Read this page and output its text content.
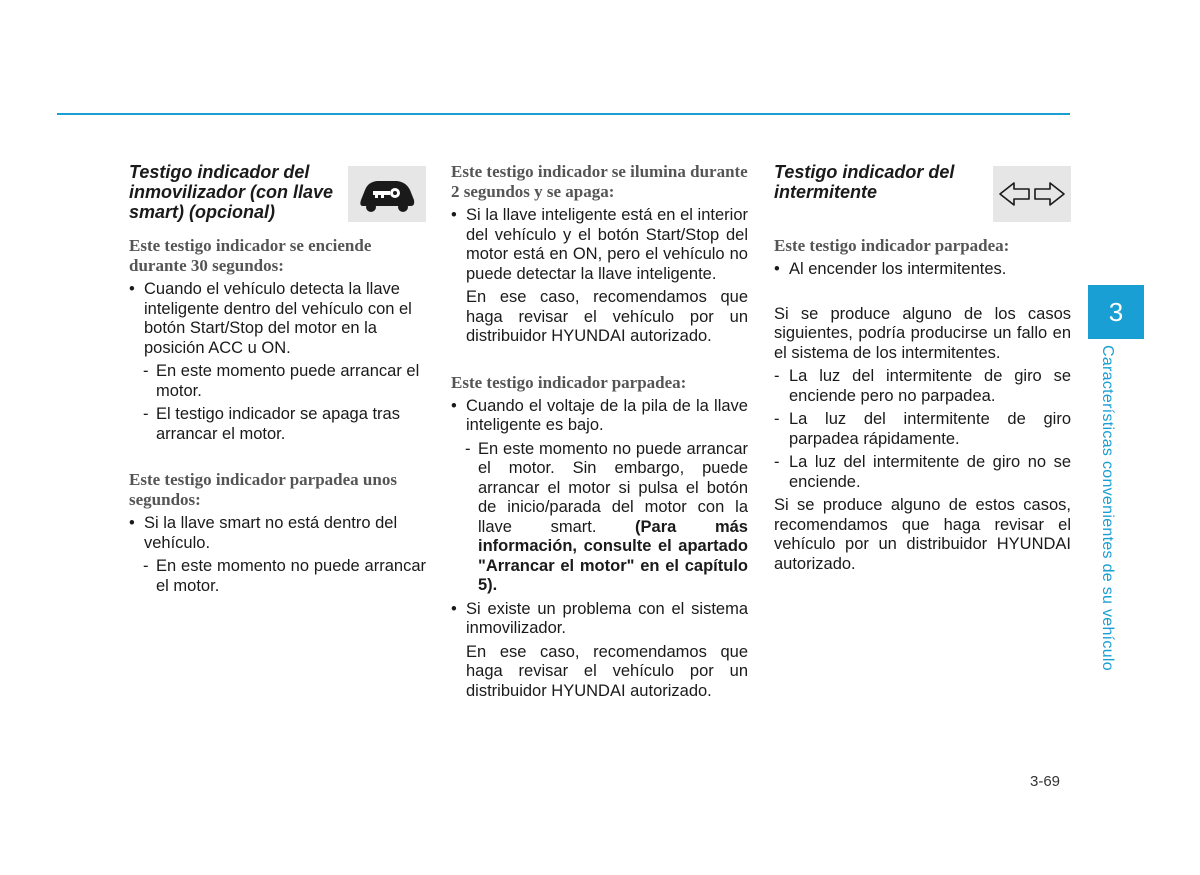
Testigo indicador del inmovilizador (con llave smart) (opcional)
Este testigo indicador se enciende durante 30 segundos:
• Cuando el vehículo detecta la llave inteligente dentro del vehículo con el botón Start/Stop del motor en la posición ACC u ON.
- En este momento puede arrancar el motor.
- El testigo indicador se apaga tras arrancar el motor.
Este testigo indicador parpadea unos segundos:
• Si la llave smart no está dentro del vehículo.
- En este momento no puede arrancar el motor.
Este testigo indicador se ilumina durante 2 segundos y se apaga:
• Si la llave inteligente está en el interior del vehículo y el botón Start/Stop del motor está en ON, pero el vehículo no puede detectar la llave inteligente.
En ese caso, recomendamos que haga revisar el vehículo por un distribuidor HYUNDAI autorizado.
Este testigo indicador parpadea:
• Cuando el voltaje de la pila de la llave inteligente es bajo.
- En este momento no puede arrancar el motor. Sin embargo, puede arrancar el motor si pulsa el botón de inicio/parada del motor con la llave smart. (Para más información, consulte el apartado "Arrancar el motor" en el capítulo 5).
• Si existe un problema con el sistema inmovilizador.
En ese caso, recomendamos que haga revisar el vehículo por un distribuidor HYUNDAI autorizado.
Testigo indicador del intermitente
Este testigo indicador parpadea:
• Al encender los intermitentes.

Si se produce alguno de los casos siguientes, podría producirse un fallo en el sistema de los intermitentes.

- La luz del intermitente de giro se enciende pero no parpadea.
- La luz del intermitente de giro parpadea rápidamente.
- La luz del intermitente de giro no se enciende.

Si se produce alguno de estos casos, recomendamos que haga revisar el vehículo por un distribuidor HYUNDAI autorizado.

3
Características convenientes de su vehículo
3-69
